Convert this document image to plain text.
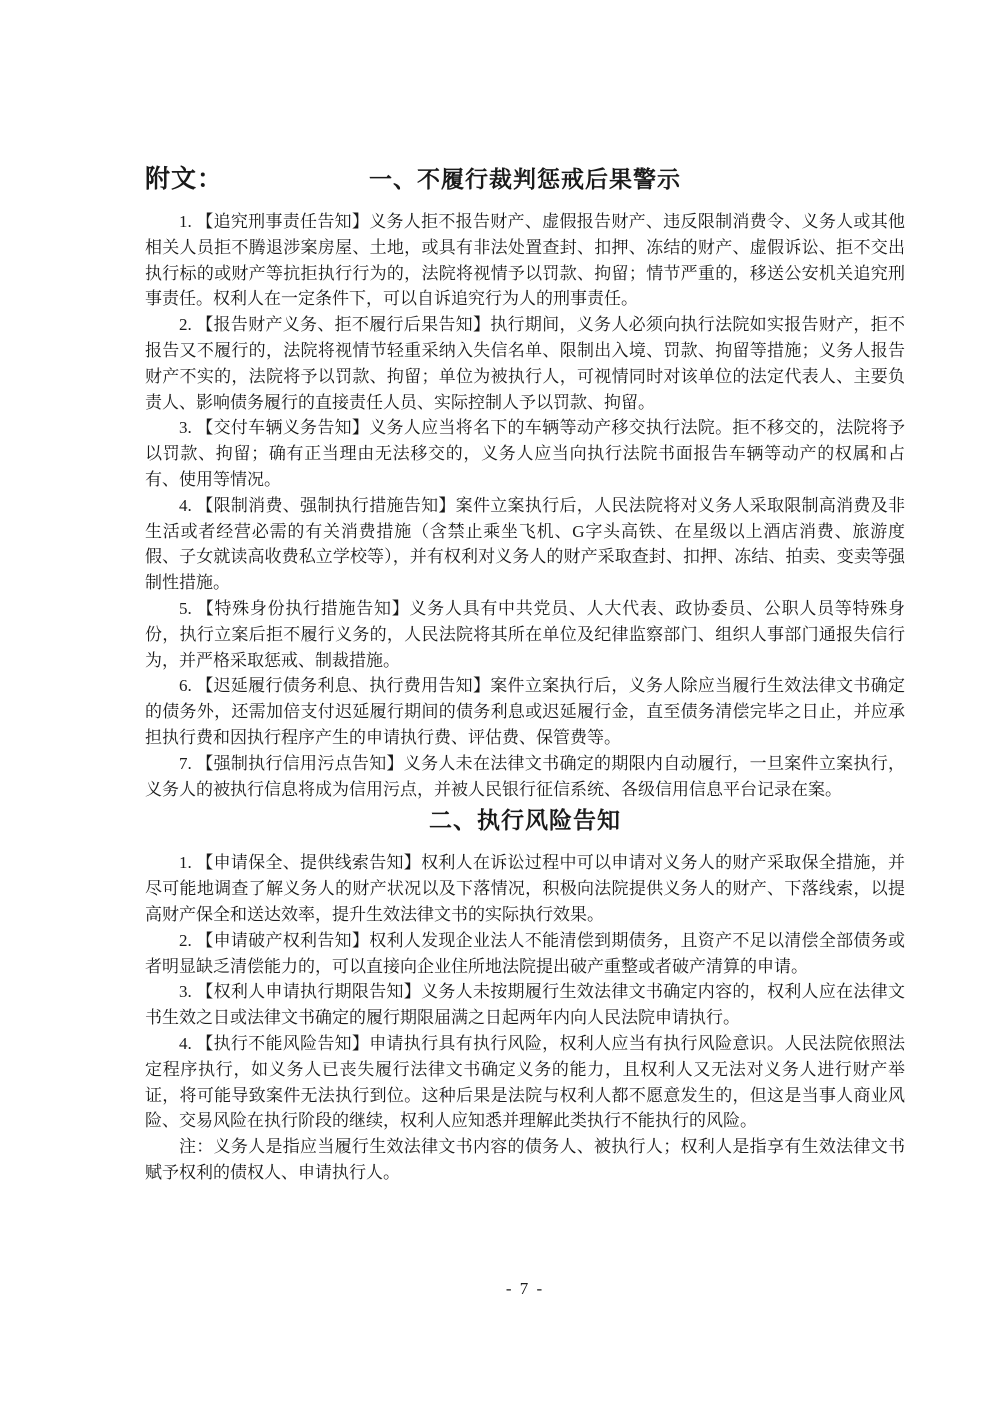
附文：	一、不履行裁判惩戒后果警示

1. 【追究刑事责任告知】义务人拒不报告财产、虚假报告财产、违反限制消费令、义务人或其他相关人员拒不腾退涉案房屋、土地，或具有非法处置查封、扣押、冻结的财产、虚假诉讼、拒不交出执行标的或财产等抗拒执行行为的，法院将视情予以罚款、拘留；情节严重的，移送公安机关追究刑事责任。权利人在一定条件下，可以自诉追究行为人的刑事责任。

2. 【报告财产义务、拒不履行后果告知】执行期间，义务人必须向执行法院如实报告财产，拒不报告又不履行的，法院将视情节轻重采纳入失信名单、限制出入境、罚款、拘留等措施；义务人报告财产不实的，法院将予以罚款、拘留；单位为被执行人，可视情同时对该单位的法定代表人、主要负责人、影响债务履行的直接责任人员、实际控制人予以罚款、拘留。

3. 【交付车辆义务告知】义务人应当将名下的车辆等动产移交执行法院。拒不移交的，法院将予以罚款、拘留；确有正当理由无法移交的，义务人应当向执行法院书面报告车辆等动产的权属和占有、使用等情况。

4. 【限制消费、强制执行措施告知】案件立案执行后，人民法院将对义务人采取限制高消费及非生活或者经营必需的有关消费措施（含禁止乘坐飞机、G字头高铁、在星级以上酒店消费、旅游度假、子女就读高收费私立学校等），并有权利对义务人的财产采取查封、扣押、冻结、拍卖、变卖等强制性措施。

5. 【特殊身份执行措施告知】义务人具有中共党员、人大代表、政协委员、公职人员等特殊身份，执行立案后拒不履行义务的，人民法院将其所在单位及纪律监察部门、组织人事部门通报失信行为，并严格采取惩戒、制裁措施。

6. 【迟延履行债务利息、执行费用告知】案件立案执行后，义务人除应当履行生效法律文书确定的债务外，还需加倍支付迟延履行期间的债务利息或迟延履行金，直至债务清偿完毕之日止，并应承担执行费和因执行程序产生的申请执行费、评估费、保管费等。

7. 【强制执行信用污点告知】义务人未在法律文书确定的期限内自动履行，一旦案件立案执行，义务人的被执行信息将成为信用污点，并被人民银行征信系统、各级信用信息平台记录在案。

二、执行风险告知

1. 【申请保全、提供线索告知】权利人在诉讼过程中可以申请对义务人的财产采取保全措施，并尽可能地调查了解义务人的财产状况以及下落情况，积极向法院提供义务人的财产、下落线索，以提高财产保全和送达效率，提升生效法律文书的实际执行效果。

2. 【申请破产权利告知】权利人发现企业法人不能清偿到期债务，且资产不足以清偿全部债务或者明显缺乏清偿能力的，可以直接向企业住所地法院提出破产重整或者破产清算的申请。

3. 【权利人申请执行期限告知】义务人未按期履行生效法律文书确定内容的，权利人应在法律文书生效之日或法律文书确定的履行期限届满之日起两年内向人民法院申请执行。

4. 【执行不能风险告知】申请执行具有执行风险，权利人应当有执行风险意识。人民法院依照法定程序执行，如义务人已丧失履行法律文书确定义务的能力，且权利人又无法对义务人进行财产举证，将可能导致案件无法执行到位。这种后果是法院与权利人都不愿意发生的，但这是当事人商业风险、交易风险在执行阶段的继续，权利人应知悉并理解此类执行不能执行的风险。

注：义务人是指应当履行生效法律文书内容的债务人、被执行人；权利人是指享有生效法律文书赋予权利的债权人、申请执行人。

- 7 -
